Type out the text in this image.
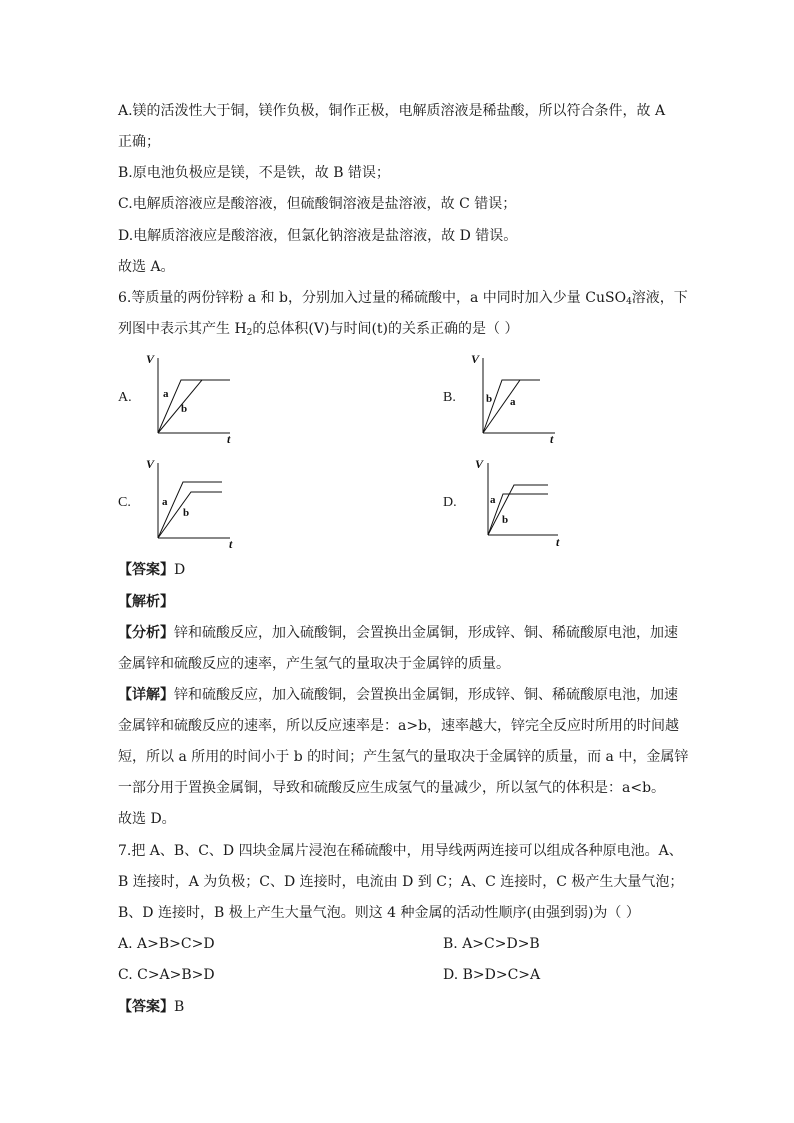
A.镁的活泼性大于铜，镁作负极，铜作正极，电解质溶液是稀盐酸，所以符合条件，故 A
正确；
B.原电池负极应是镁，不是铁，故 B 错误；
C.电解质溶液应是酸溶液，但硫酸铜溶液是盐溶液，故 C 错误；
D.电解质溶液应是酸溶液，但氯化钠溶液是盐溶液，故 D 错误。
故选 A。
6.等质量的两份锌粉 a 和 b，分别加入过量的稀硫酸中，a 中同时加入少量 CuSO$_4$溶液，下
列图中表示其产生 $H_2$的总体积(V)与时间(t)的关系正确的是（ ）
A.
V
t
a
b
B.
V
t
b a
C.
V
t
a
b
D.
V
t
a
b
【答案】D
【解析】
【分析】锌和硫酸反应，加入硫酸铜，会置换出金属铜，形成锌、铜、稀硫酸原电池，加速
金属锌和硫酸反应的速率，产生氢气的量取决于金属锌的质量。
【详解】锌和硫酸反应，加入硫酸铜，会置换出金属铜，形成锌、铜、稀硫酸原电池，加速
金属锌和硫酸反应的速率，所以反应速率是：a>b，速率越大，锌完全反应时所用的时间越
短，所以 a 所用的时间小于 b 的时间；产生氢气的量取决于金属锌的质量，而 a 中，金属锌
一部分用于置换金属铜，导致和硫酸反应生成氢气的量减少，所以氢气的体积是：a<b。
故选 D。
7.把 A、B、C、D 四块金属片浸泡在稀硫酸中，用导线两两连接可以组成各种原电池。A、
B 连接时，A 为负极；C、D 连接时，电流由 D 到 C；A、C 连接时，C 极产生大量气泡；
B、D 连接时，B 极上产生大量气泡。则这 4 种金属的活动性顺序(由强到弱)为（ ）
A. A>B>C>D	B. A>C>D>B
C. C>A>B>D	D. B>D>C>A
【答案】B
